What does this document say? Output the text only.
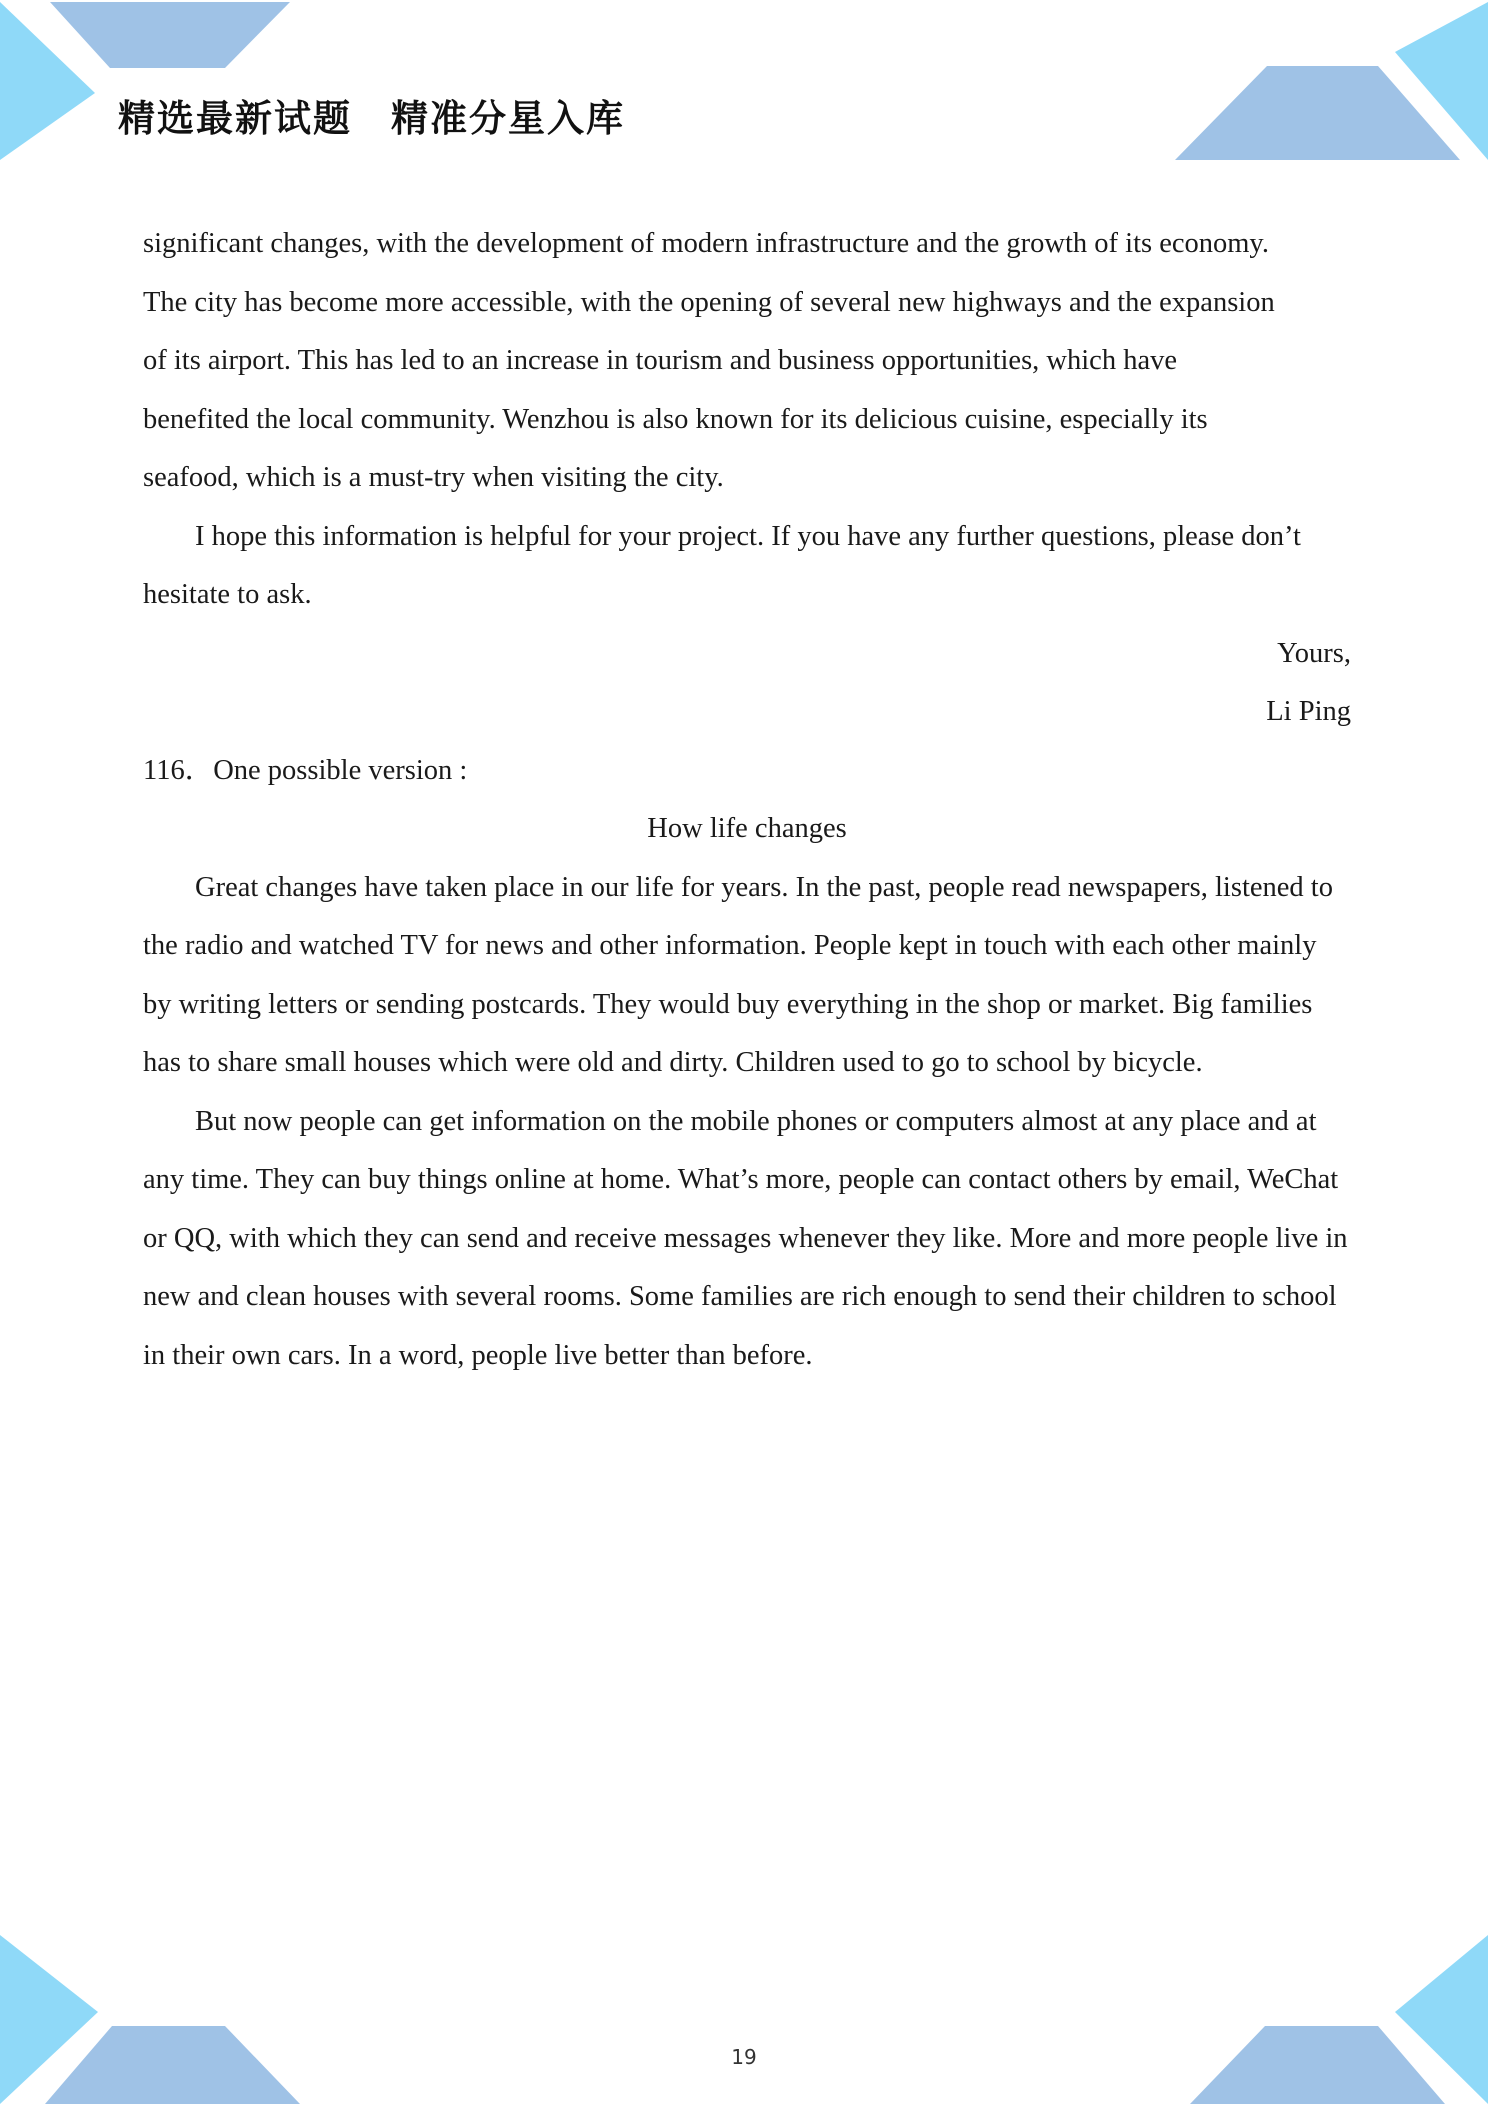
精选最新试题　精准分星入库

significant changes, with the development of modern infrastructure and the growth of its economy.

The city has become more accessible, with the opening of several new highways and the expansion

of its airport. This has led to an increase in tourism and business opportunities, which have

benefited the local community. Wenzhou is also known for its delicious cuisine, especially its

seafood, which is a must-try when visiting the city.

I hope this information is helpful for your project. If you have any further questions, please don’t hesitate to ask.

Yours,

Li Ping

116．One possible version :

How life changes

Great changes have taken place in our life for years. In the past, people read newspapers, listened to the radio and watched TV for news and other information. People kept in touch with each other mainly by writing letters or sending postcards. They would buy everything in the shop or market. Big families has to share small houses which were old and dirty. Children used to go to school by bicycle.

But now people can get information on the mobile phones or computers almost at any place and at any time. They can buy things online at home. What’s more, people can contact others by email, WeChat or QQ, with which they can send and receive messages whenever they like. More and more people live in new and clean houses with several rooms. Some families are rich enough to send their children to school in their own cars. In a word, people live better than before.

19
